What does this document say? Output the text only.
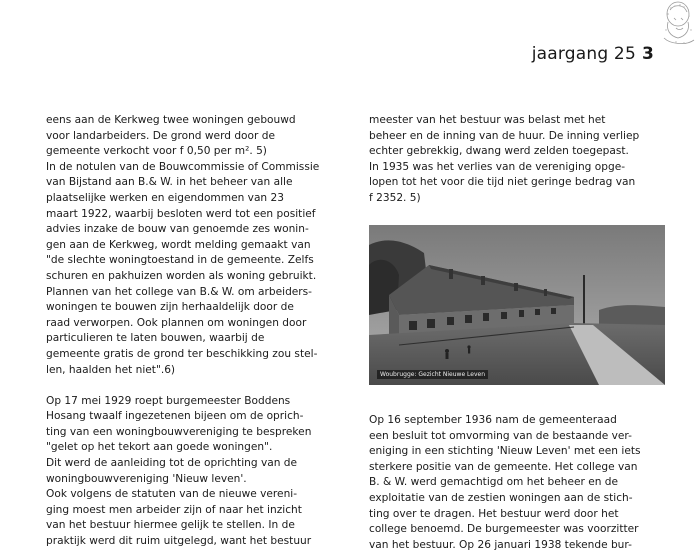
jaargang 25 3

eens aan de Kerkweg twee woningen gebouwd
voor landarbeiders. De grond werd door de
gemeente verkocht voor f 0,50 per m². 5)
In de notulen van de Bouwcommissie of Commissie
van Bijstand aan B.& W. in het beheer van alle
plaatselijke werken en eigendommen van 23
maart 1922, waarbij besloten werd tot een positief
advies inzake de bouw van genoemde zes wonin-
gen aan de Kerkweg, wordt melding gemaakt van
"de slechte woningtoestand in de gemeente. Zelfs
schuren en pakhuizen worden als woning gebruikt.
Plannen van het college van B.& W. om arbeiders-
woningen te bouwen zijn herhaaldelijk door de
raad verworpen. Ook plannen om woningen door
particulieren te laten bouwen, waarbij de
gemeente gratis de grond ter beschikking zou stel-
len, haalden het niet".6)

Op 17 mei 1929 roept burgemeester Boddens
Hosang twaalf ingezetenen bijeen om de oprich-
ting van een woningbouwvereniging te bespreken
"gelet op het tekort aan goede woningen".
Dit werd de aanleiding tot de oprichting van de
woningbouwvereniging 'Nieuw leven'.
Ook volgens de statuten van de nieuwe vereni-
ging moest men arbeider zijn of naar het inzicht
van het bestuur hiermee gelijk te stellen. In de
praktijk werd dit ruim uitgelegd, want het bestuur

meester van het bestuur was belast met het
beheer en de inning van de huur. De inning verliep
echter gebrekkig, dwang werd zelden toegepast.
In 1935 was het verlies van de vereniging opge-
lopen tot het voor die tijd niet geringe bedrag van
f 2352. 5)

Woubrugge: Gezicht Nieuwe Leven

Op 16 september 1936 nam de gemeenteraad
een besluit tot omvorming van de bestaande ver-
eniging in een stichting 'Nieuw Leven' met een iets
sterkere positie van de gemeente. Het college van
B. & W. werd gemachtigd om het beheer en de
exploitatie van de zestien woningen aan de stich-
ting over te dragen. Het bestuur werd door het
college benoemd. De burgemeester was voorzitter
van het bestuur. Op 26 januari 1938 tekende bur-
